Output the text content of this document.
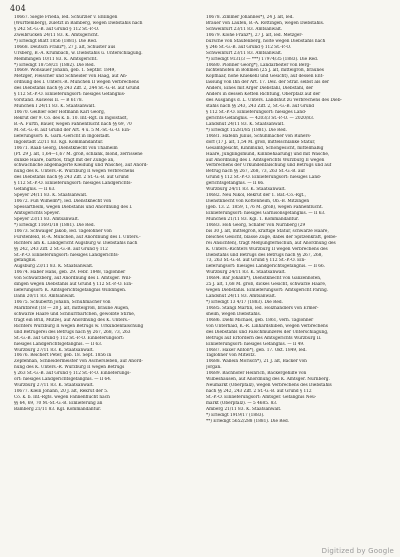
404
10667. Siegle Frieda, led. Schürzler v. Eßlingen
(Württemberg), zuletzt in Bamberg, wegen Diebstahls nach
§ 242 St.-G.-B. auf Grund § 112 St.-P.-O.
Zweibrücken 24/11 83. K. Amtsgericht.
*) Erledigt Blatt 1856 (1881). Die Red.
10668. Deutsch Franz*), 27 J. alt, Schuster aus
Ursberg, B.-A. Krumbach, w. Diebstahls u. Unterschlagung.
Memmingen 10/11 83. K. Amtsgericht.
*) Erledigt 18759/21 (1882). Die Red.
10669. Wonsauer Johann, geb. 1. Septbr. 1849,
Metzger, Fleischer und Schneider von Haag, auf An-
ordnung des I. Unters.-R. München II wegen Verbrechens
des Diebstahls nach §§ 243 Ziff. 2, 244 St.-G.-B. auf Grund
§ 112 St.-P.-O. Einlieferungsort: hiesiges Gefängnis-
vorstand. Ausweis II. — B 6178.
München I 24/11 83. K. Staatsanwalt.
10670. Geißler oder Hofmann Karl Georg,
Rekrut der 9. Co. des k. b. 10. Inf.-Rgt. in Ingolstadt,
B.-A. Fürth, Bauer, wegen Fahnenflucht nach §§ 69, 70
M.-St.-G.-B. auf Grund der Art. 4 u. 5 M.-St.-G.-O. Ein-
lieferungsort: K. Garn.-Gericht in Ingolstadt.
Ingolstadt 22/11 83. Kgl. Kommandantur.
10671. Raab Georg, Dienstknecht von Thalheim
(Pf. 29 J. alt, 1,64—1,67 M. groß, schlank, blond, zerrissene
dunkle Haare, bartlos, trägt mit der Zunge an,
schwächliche abgemagerte Kleidung und Wäsche), auf Anord-
nung des K. Unters.-R. Würzburg II wegen Verbrechens
des Diebstahls nach §§ 243 Ziff. 2 St.-G.-B. auf Grund
§ 112 St.-P.-O. Einlieferungsort: hiesiges Landgerichts-
Gefängnis. — II 63.
Speyer 24/11 83. K. Staatsanwalt.
10672. Fuß Wilhelm*), led. Dienstknecht von
Spessartheim, wegen Diebstahls und Anordnung des I.
Amtsgerichts Speyer.
Speyer 23/11 83. Amtsanwalt.
*) Erledigt 11691/18 (1881). Die Red.
10673. Schwaiger Jakob, led. Tagelöhner von
Fürstenfeld, B.-A. München, auf Anordnung des I. Unters.-
Richters am K. Landgericht Augsburg w. Diebstahls nach
§§ 242, 243 Ziff. 2 St.-G.-B. auf Grund § 112
St.-P.-O. Einlieferungsort: hiesiges Landgerichts-
gefängnis.
Augsburg 23/11 83. K. Staatsanwalt.
10674. Haber Hans, geb. 29. Febr. 1848, Taglöhner
von Schwarzberg, auf Anordnung des I. Amtsger. Will-
dingen wegen Diebstahls auf Grund § 112 St.-P.-O. Ein-
lieferungsort: K. Amtsgerichtsgefängnis Willdingen.
Dahn 20/11 83. Amtsanwalt.
10675. Schuberth Johann, Schuhmacher von
Marktbreit (18 — 20 J. alt, mittelgroß, braune Augen,
schwarze Haare und Schnurrbärtchen, gewölbte Stirne,
trägt ein Brill, Mütze), auf Anordnung des K. Unters.-
Richters Würzburg II wegen Betrugs w. Urkundenfälschung
und Betrügerei des Betrugs nach §§ 267, 268, 73, 263
St.-G.-B. auf Grund § 112 St.-P.-O. Einlieferungsort:
hiesiges Landgerichtsgefängnis. — II 63.
Würzburg 27/11 83. K. Staatsanwalt.
10676. Reichert Peter, geb. 18. Sept. 1856 in
Zepfenhan, Schneidermeister von Aschersleben, auf Anord-
nung des K. Unters.-R. Würzburg II wegen Betrugs
§ 263 St.-G.-B. auf Grund § 112 St.-P.-O. Einlieferungs-
ort: hiesiges Landgerichtsgefängnis. — II 64.
Würzburg 27/11 83. K. Staatsanwalt.
10677. Klein Johann, 20 J. alt, Rekrut der 5.
Co. k. b. Inf.-Rgts. wegen Fahnenflucht nach
§§ 64, 69, 70 M.-St.-G.-B. Einlieferung an
Bamberg 21/11 83. Kgl. Kommandantur.
10678. Zimmer Johannes*), 24 J. alt, led.
Brauer von Laufen, B.-A. Rottingen, wegen Diebstahls.
Schweinfurt 23/11 83. Amtsanwalt.
10679. Klohe Franz*), 27 J. alt, led. Metzger-
bursche von Staufenberg, holte wegen Diebstahls nach
§ 246 St.-G.-B. auf Grund § 112 St.-P.-O.
Schweinfurt 23/11 83. Amtsanwalt.
*) Erledigt 9131/3 — ***) 17974/35 (1883). Die Red.
10680. Plößner Georg*), Landarbeiter von Berg-
nichtenhofen in Böhmen (25 J. alt, mittelgroß, braunes
Kopfhaar, hohe Kniekehl und Gesicht), auf dessen Ent-
lassung von Ihn der Art. 17. Dez. der Straf. selbst als der
Anders, Eines mit Ärger Diebstahl, Diebstahl, der
Anders in dessen Ketten Richtung, Oberpfalz auf der
des Ausgangs d. L. Unters. Landshut zu Verbrechens des Dieb-
stahls nach §§ 243, 243 Ziff. 2, St.-G.-B. auf Grund
§ 112 St.-P.-O. Einlieferungsort: hiesiges Land-
gerichts-Gefängnis. — 4203/3 St.-P.-O. — 2020/83.
Landshut 24/11 83. K. Staatsanwalt.
*) Erledigt 15281/85 (1881). Die Red.
10681. Häfelin Julius, Schuhmacher von Ruhers-
dorf (17 J. alt, 1,54 M. groß, mittelschlanke Statur,
Gesamtgesicht, Kinnmund, Schöngesicht, mittelmäßig
Haare, Jünglingsmund, Kinnbehaarung) und mit Wäsche,
auf Anordnung des I. Amtsgerichts Würzburg II wegen
Verbrechens der Urkundenfälschung und Betrugs und auf
Betrug nach §§ 267, 268, 73, 263 St.-G.-B. auf
Grund § 112 St.-P.-O. Einlieferungsort: hiesiges Land-
gerichtsgefängnis. — II 66.
Würzburg 24/11 83. K. Staatsanwalt.
10682. Neu Nikol, Rekrut der 1. Bat.-Co.-Rgt.,
Dienstknecht von Kottenheim, Ob.-B. Mitzingen
(geb. 13. 2. 1859, 1,76 M. groß), wegen Fahnenflucht.
Einlieferungsort: hiesiges Garnisonsgefängnis. — II 63.
München 21/11 83. Kgl. 1. Kommandantur.
10683. Hoh Georg, Schäfer von Nürnberg (29
bis 30 J. alt, mittelgroß, kräftige Statur, schwarze Haare,
bleiches Gesicht, blasse Züge, dabei der Spitzenkraft, gelbe-
rei Ansichten), trägt Meßjungfernschuh, auf Anordnung des
K. Unters.-Richters Würzburg II wegen Verbrechens des
Diebstahls und Betrugs des Betrugs nach §§ 267, 268,
73, 263 St.-G.-B. auf Grund § 112 St.-P.-O. Ein-
lieferungsort: hiesiges Landgerichtsgefängnis. — II 66.
Würzburg 24/11 83. K. Staatsanwalt.
10684. Bär Johann*), Dienstknecht von Ganzenhofen,
25 J. alt, 1,68 M. groß, dickes Gesicht, schwarze Haare,
wegen Diebstahls. Einlieferungsort: Amtsgericht Paring.
Landshut 24/11 83. Amtsanwalt.
*) Erledigt 13 4/17 (1883). Die Red.
10685. Stangl Martin, led. Holzhändlers von Ermer-
sheim, wegen Diebstahls.
10686. Diehl Michael, geb. 1861, verh. Taglöhner
von Unterhaid, K.-R. Linhardshiben, wegen Verbrechens
des Diebstahls und Falschmünzerei der Unterschlagung,
Betrugs auf Erfordern des Amtsgerichts Würzburg II.
Einlieferungsort: hiesiges Gefängnis. — II 49.
10687. Haxer Anton*), geb. 17. Okt. 1849, led.
Taglöhner von Mitwitz.
10688. Wallein Morisch*), 21 J. alt, Bäcker von
Jörgan.
10689. Bachhofer Heinrich, Bäckergehilfe von
Wilbeshausen, auf Anordnung des K. Amtsger. Nürnberg.
Neumarkt (Oberpfalz), wegen Verbrechens des Diebstahls
nach §§ 242, 243 Ziff. 2 St.-G.-B. auf Grund § 112
St.-P.-O. Einlieferungsort: Amtsger. Gefängnis Neu-
markt (Oberpfalz). — 5 4685. 83.
Amberg 21/11 83. K. Staatsanwalt.
*) Erledigt 1919/17 (1883).
**) Erledigt 5652/288 (1881). Die Red.
Digitized by Google
